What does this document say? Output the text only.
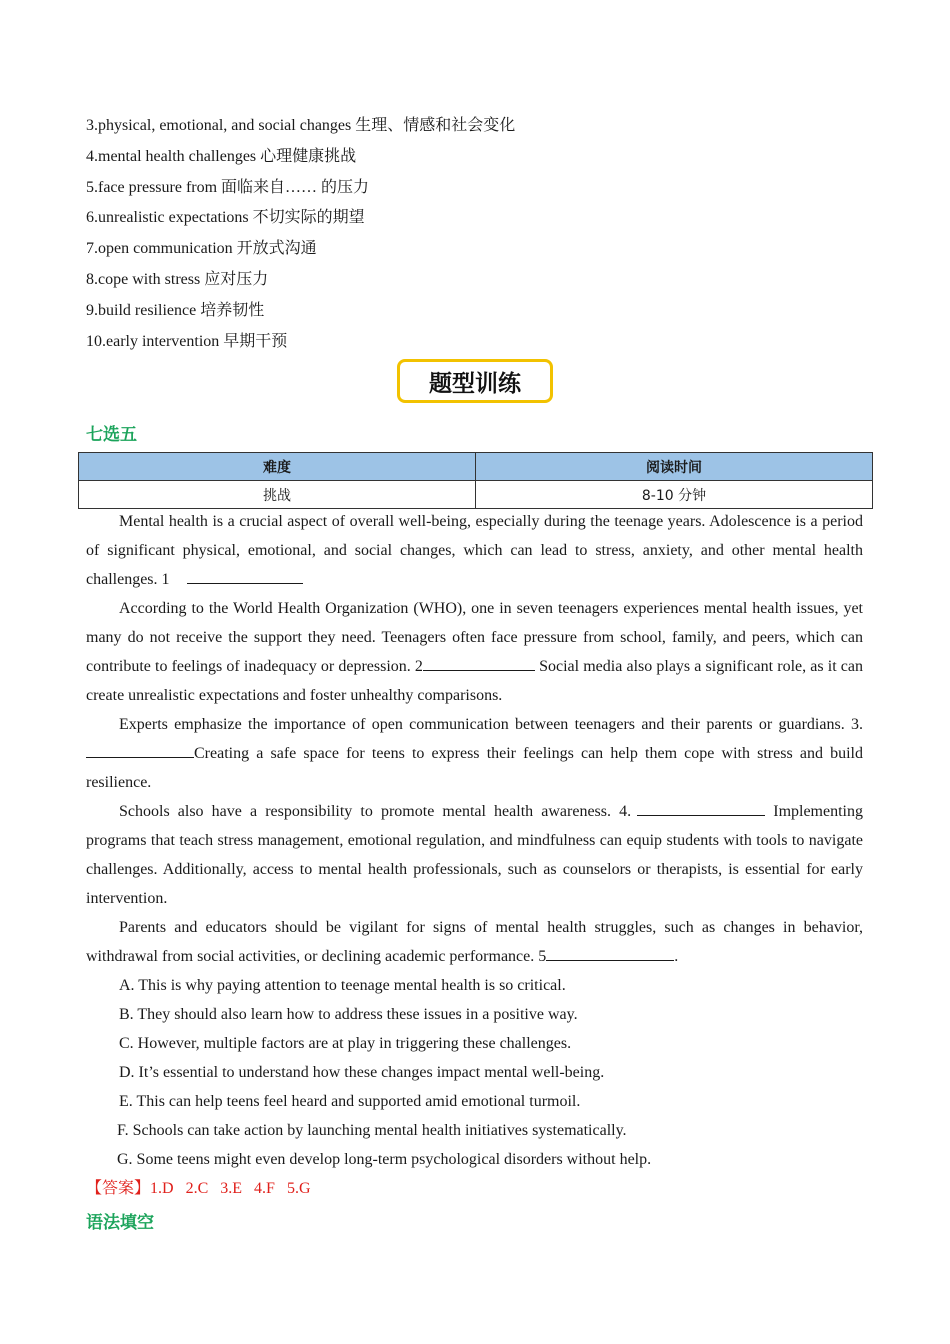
3.physical, emotional, and social changes 生理、情感和社会变化
4.mental health challenges 心理健康挑战
5.face pressure from 面临来自…… 的压力
6.unrealistic expectations 不切实际的期望
7.open communication 开放式沟通
8.cope with stress 应对压力
9.build resilience 培养韧性
10.early intervention 早期干预
题型训练
七选五
难度	阅读时间
挑战	8-10 分钟

Mental health is a crucial aspect of overall well-being, especially during the teenage years. Adolescence is a period of significant physical, emotional, and social changes, which can lead to stress, anxiety, and other mental health challenges. 1

According to the World Health Organization (WHO), one in seven teenagers experiences mental health issues, yet many do not receive the support they need. Teenagers often face pressure from school, family, and peers, which can contribute to feelings of inadequacy or depression. 2	Social media also plays a significant role, as it can create unrealistic expectations and foster unhealthy comparisons.

Experts emphasize the importance of open communication between teenagers and their parents or guardians. 3.Creating a safe space for teens to express their feelings can help them cope with stress and build resilience.

Schools also have a responsibility to promote mental health awareness. 4.	Implementing programs that teach stress management, emotional regulation, and mindfulness can equip students with tools to navigate challenges. Additionally, access to mental health professionals, such as counselors or therapists, is essential for early intervention.

Parents and educators should be vigilant for signs of mental health struggles, such as changes in behavior, withdrawal from social activities, or declining academic performance. 5	.

A. This is why paying attention to teenage mental health is so critical.
B. They should also learn how to address these issues in a positive way.
C. However, multiple factors are at play in triggering these challenges.
D. It’s essential to understand how these changes impact mental well-being.
E. This can help teens feel heard and supported amid emotional turmoil.
F. Schools can take action by launching mental health initiatives systematically.
G. Some teens might even develop long-term psychological disorders without help.
【答案】1.D 2.C 3.E 4.F 5.G
语法填空
